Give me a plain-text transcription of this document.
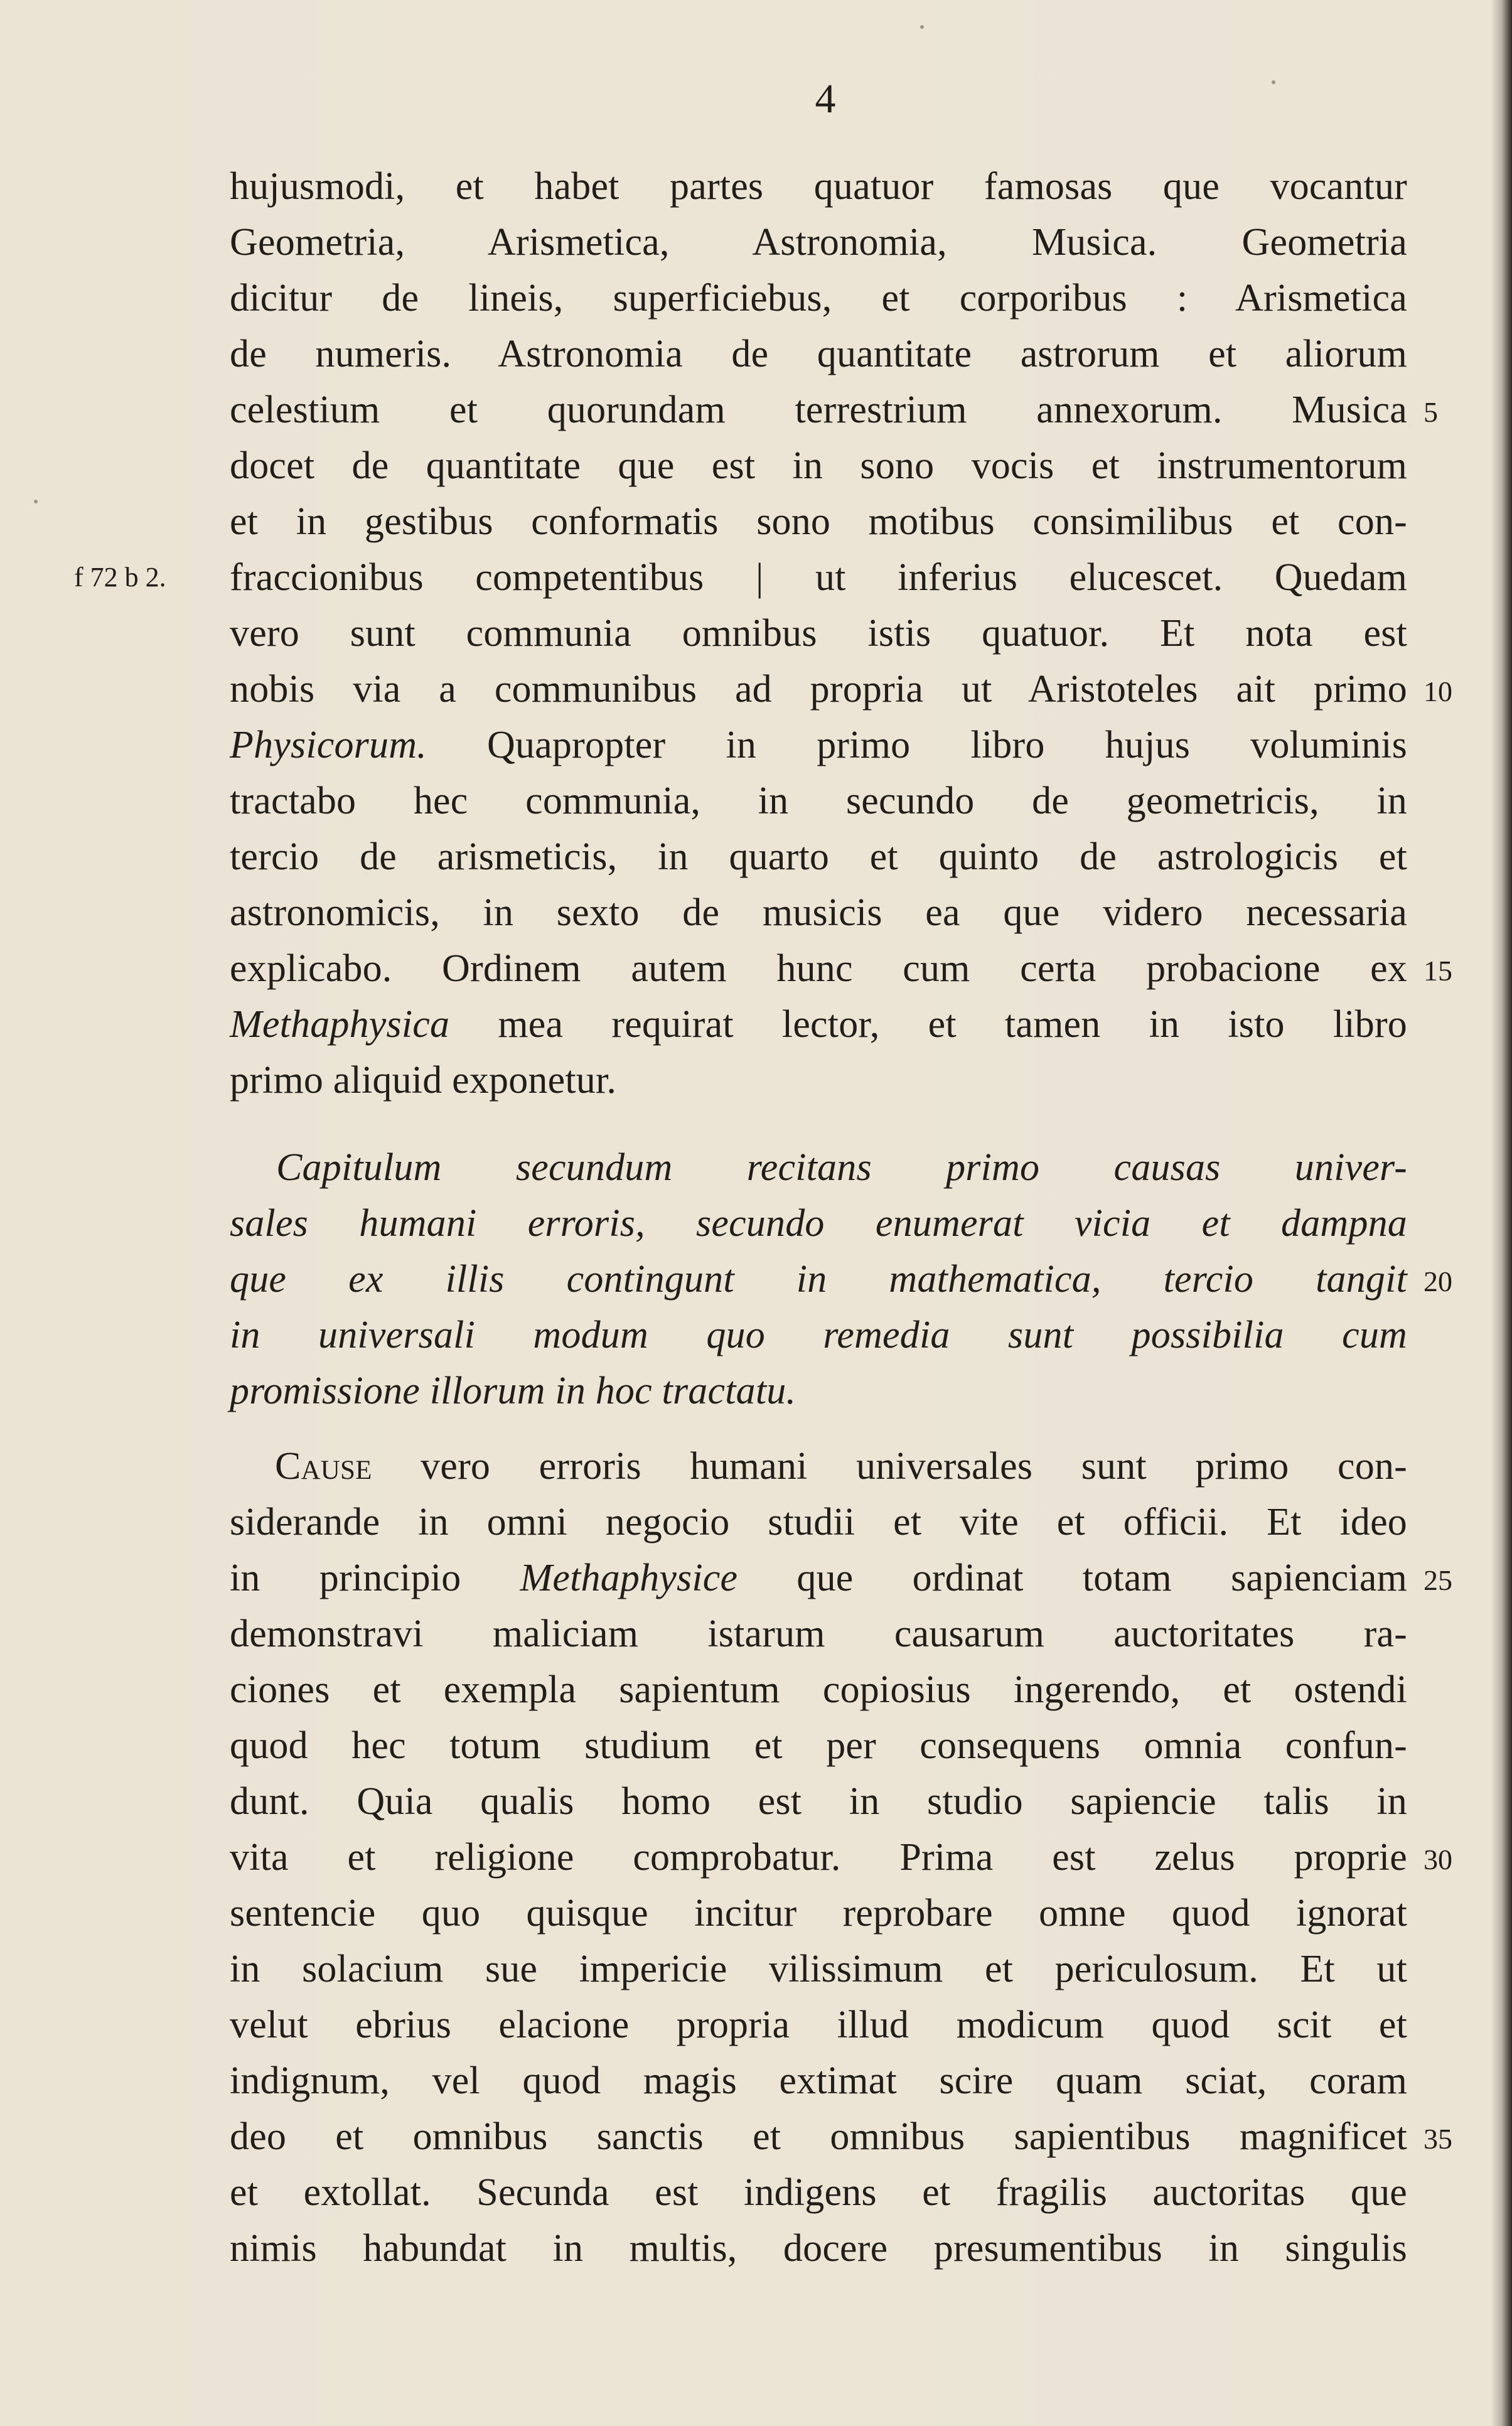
4
hujusmodi, et habet partes quatuor famosas que vocantur
Geometria, Arismetica, Astronomia, Musica. Geometria
dicitur de lineis, superficiebus, et corporibus : Arismetica
de numeris. Astronomia de quantitate astrorum et aliorum
celestium et quorundam terrestrium annexorum. Musica 5
docet de quantitate que est in sono vocis et instrumentorum
et in gestibus conformatis sono motibus consimilibus et con-
f 72 b 2. fraccionibus competentibus | ut inferius elucescet. Quedam
vero sunt communia omnibus istis quatuor. Et nota est
nobis via a communibus ad propria ut Aristoteles ait primo 10
Physicorum. Quapropter in primo libro hujus voluminis
tractabo hec communia, in secundo de geometricis, in
tercio de arismeticis, in quarto et quinto de astrologicis et
astronomicis, in sexto de musicis ea que videro necessaria
explicabo. Ordinem autem hunc cum certa probacione ex 15
Methaphysica mea requirat lector, et tamen in isto libro
primo aliquid exponetur.
Capitulum secundum recitans primo causas univer-
sales humani erroris, secundo enumerat vicia et dampna
que ex illis contingunt in mathematica, tercio tangit 20
in universali modum quo remedia sunt possibilia cum
promissione illorum in hoc tractatu.
Cause vero erroris humani universales sunt primo con-
siderande in omni negocio studii et vite et officii. Et ideo
in principio Methaphysice que ordinat totam sapienciam 25
demonstravi maliciam istarum causarum auctoritates ra-
ciones et exempla sapientum copiosius ingerendo, et ostendi
quod hec totum studium et per consequens omnia confun-
dunt. Quia qualis homo est in studio sapiencie talis in
vita et religione comprobatur. Prima est zelus proprie 30
sentencie quo quisque incitur reprobare omne quod ignorat
in solacium sue impericie vilissimum et periculosum. Et ut
velut ebrius elacione propria illud modicum quod scit et
indignum, vel quod magis extimat scire quam sciat, coram
deo et omnibus sanctis et omnibus sapientibus magnificet 35
et extollat. Secunda est indigens et fragilis auctoritas que
nimis habundat in multis, docere presumentibus in singulis
